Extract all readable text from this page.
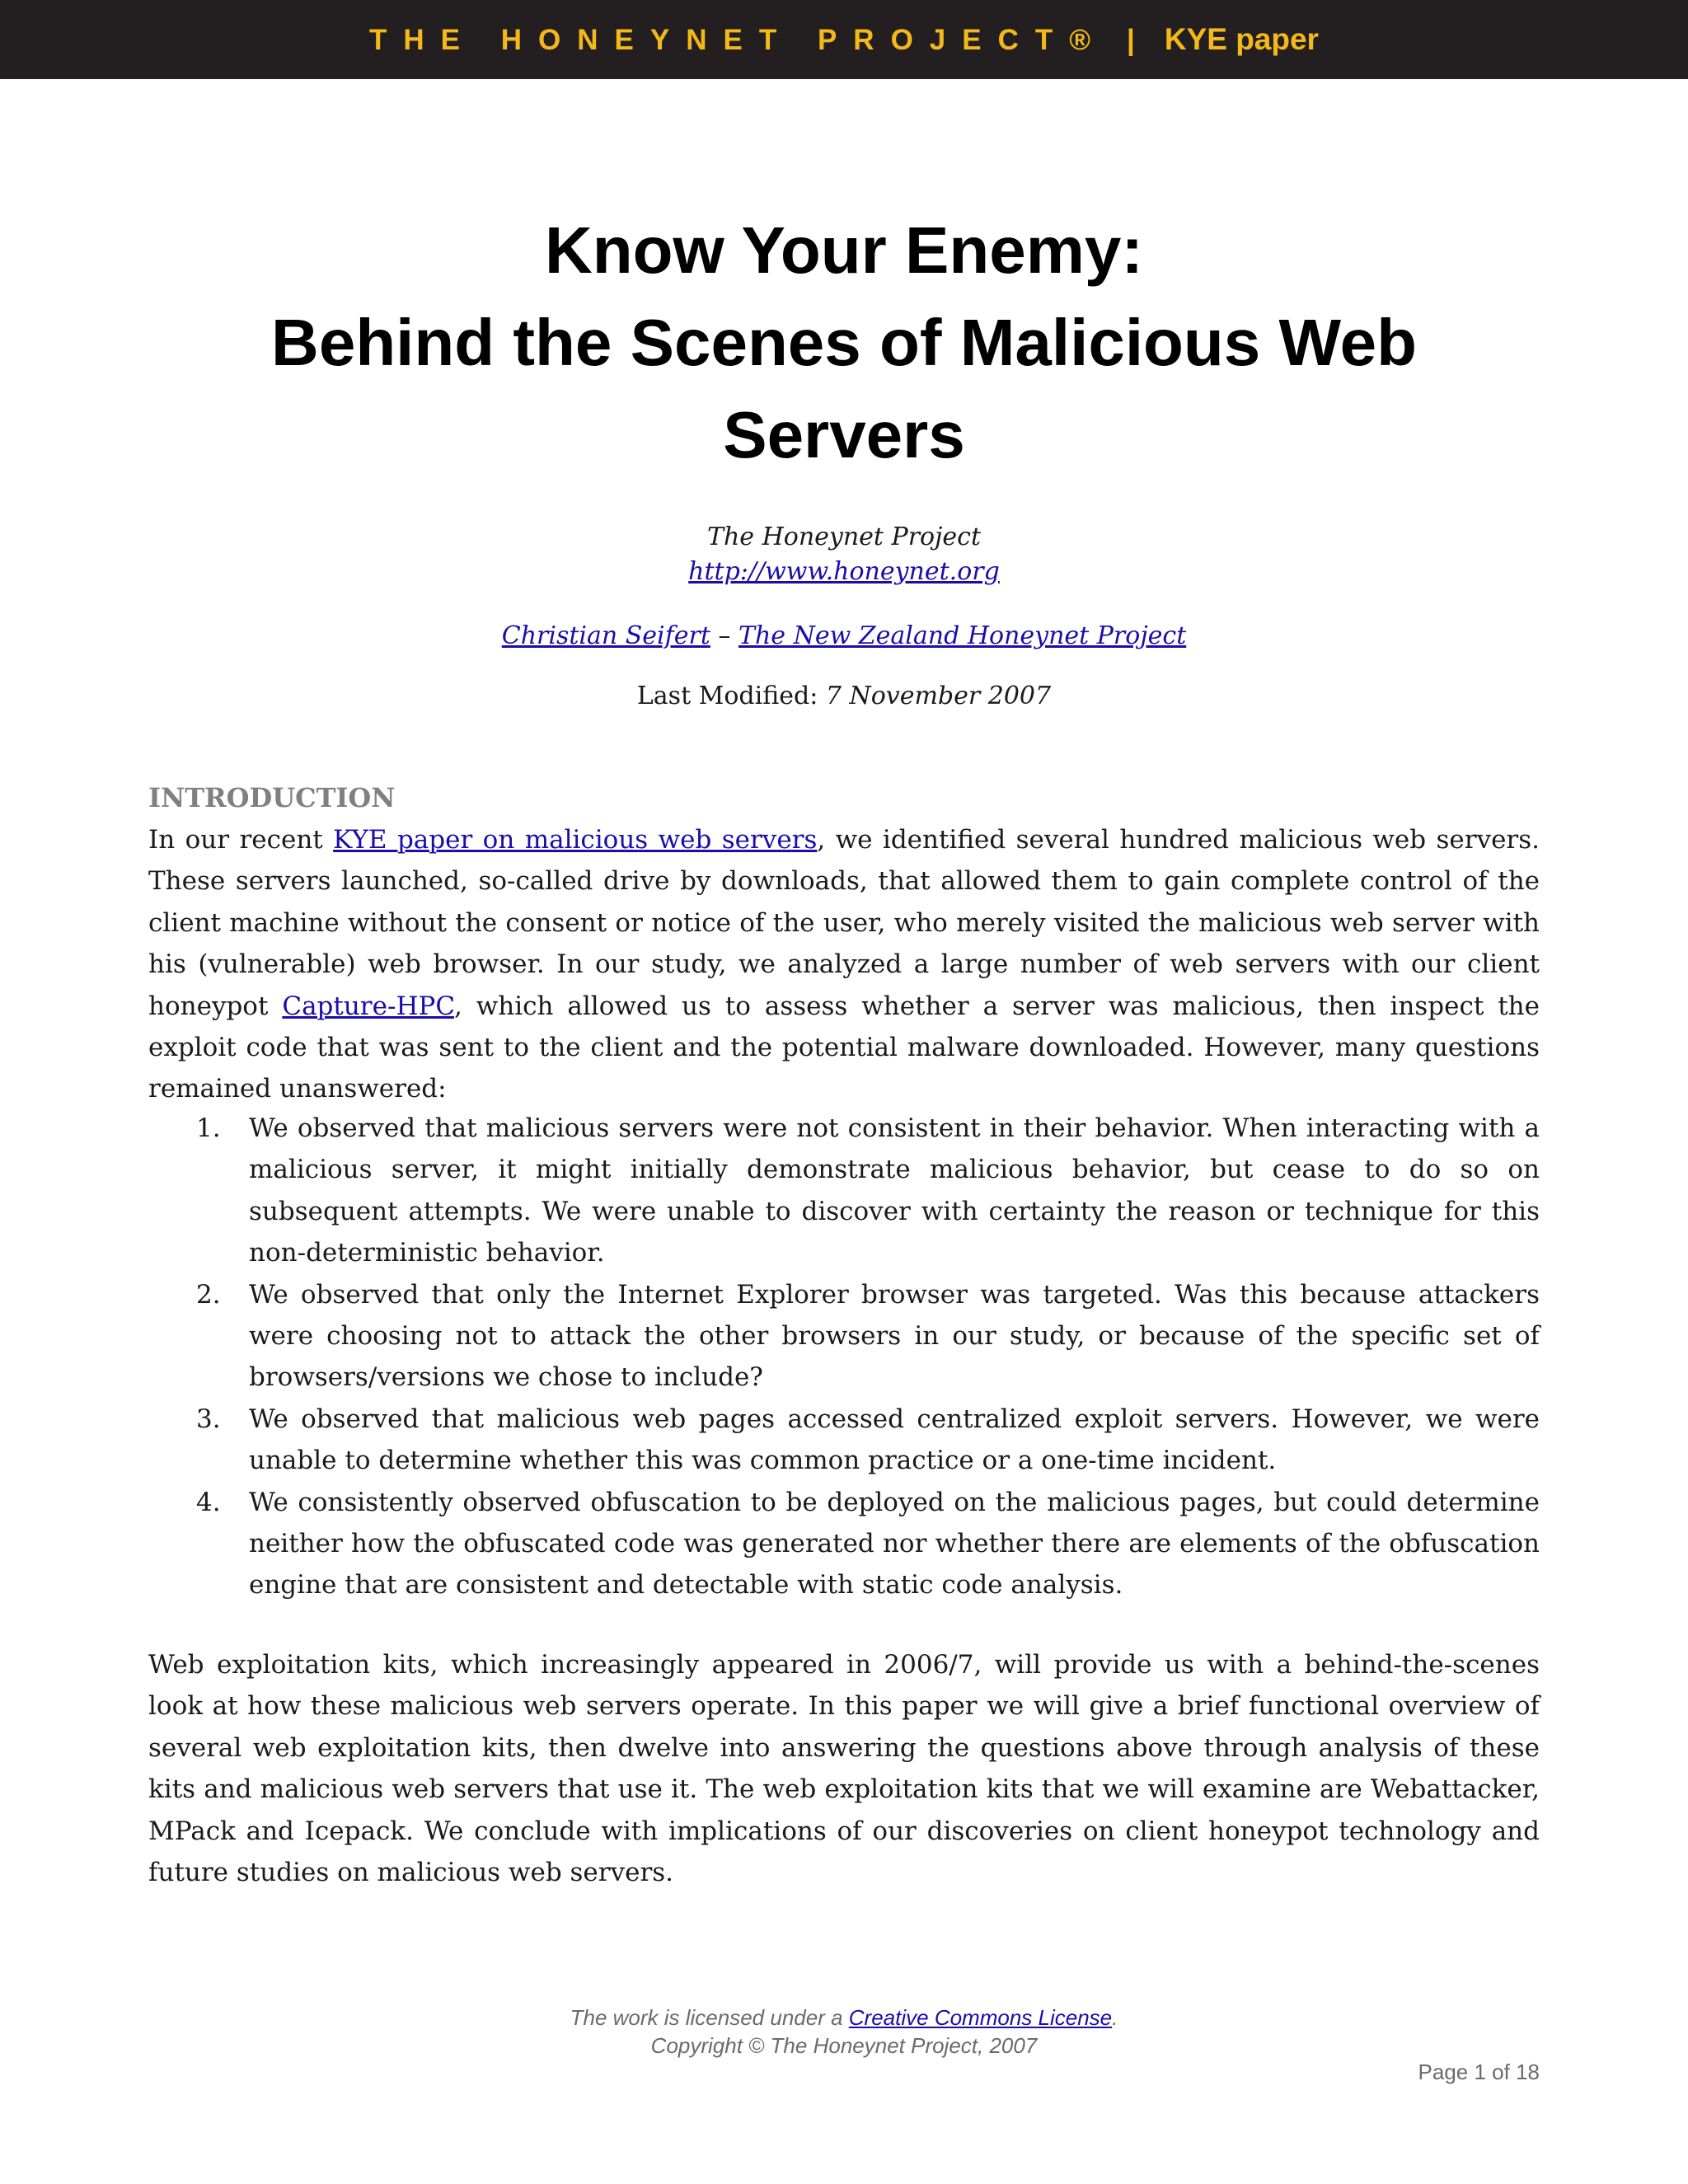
THE HONEYNET PROJECT® | KYE paper
Know Your Enemy:
Behind the Scenes of Malicious Web
Servers
The Honeynet Project
http://www.honeynet.org
Christian Seifert – The New Zealand Honeynet Project
Last Modified: 7 November 2007
INTRODUCTION
In our recent KYE paper on malicious web servers, we identified several hundred malicious web servers. These servers launched, so-called drive by downloads, that allowed them to gain complete control of the client machine without the consent or notice of the user, who merely visited the malicious web server with his (vulnerable) web browser. In our study, we analyzed a large number of web servers with our client honeypot Capture-HPC, which allowed us to assess whether a server was malicious, then inspect the exploit code that was sent to the client and the potential malware downloaded. However, many questions remained unanswered:
1. We observed that malicious servers were not consistent in their behavior. When interacting with a malicious server, it might initially demonstrate malicious behavior, but cease to do so on subsequent attempts. We were unable to discover with certainty the reason or technique for this non-deterministic behavior.
2. We observed that only the Internet Explorer browser was targeted. Was this because attackers were choosing not to attack the other browsers in our study, or because of the specific set of browsers/versions we chose to include?
3. We observed that malicious web pages accessed centralized exploit servers. However, we were unable to determine whether this was common practice or a one-time incident.
4. We consistently observed obfuscation to be deployed on the malicious pages, but could determine neither how the obfuscated code was generated nor whether there are elements of the obfuscation engine that are consistent and detectable with static code analysis.
Web exploitation kits, which increasingly appeared in 2006/7, will provide us with a behind-the-scenes look at how these malicious web servers operate. In this paper we will give a brief functional overview of several web exploitation kits, then dwelve into answering the questions above through analysis of these kits and malicious web servers that use it. The web exploitation kits that we will examine are Webattacker, MPack and Icepack. We conclude with implications of our discoveries on client honeypot technology and future studies on malicious web servers.
The work is licensed under a Creative Commons License.
Copyright © The Honeynet Project, 2007
Page 1 of 18
